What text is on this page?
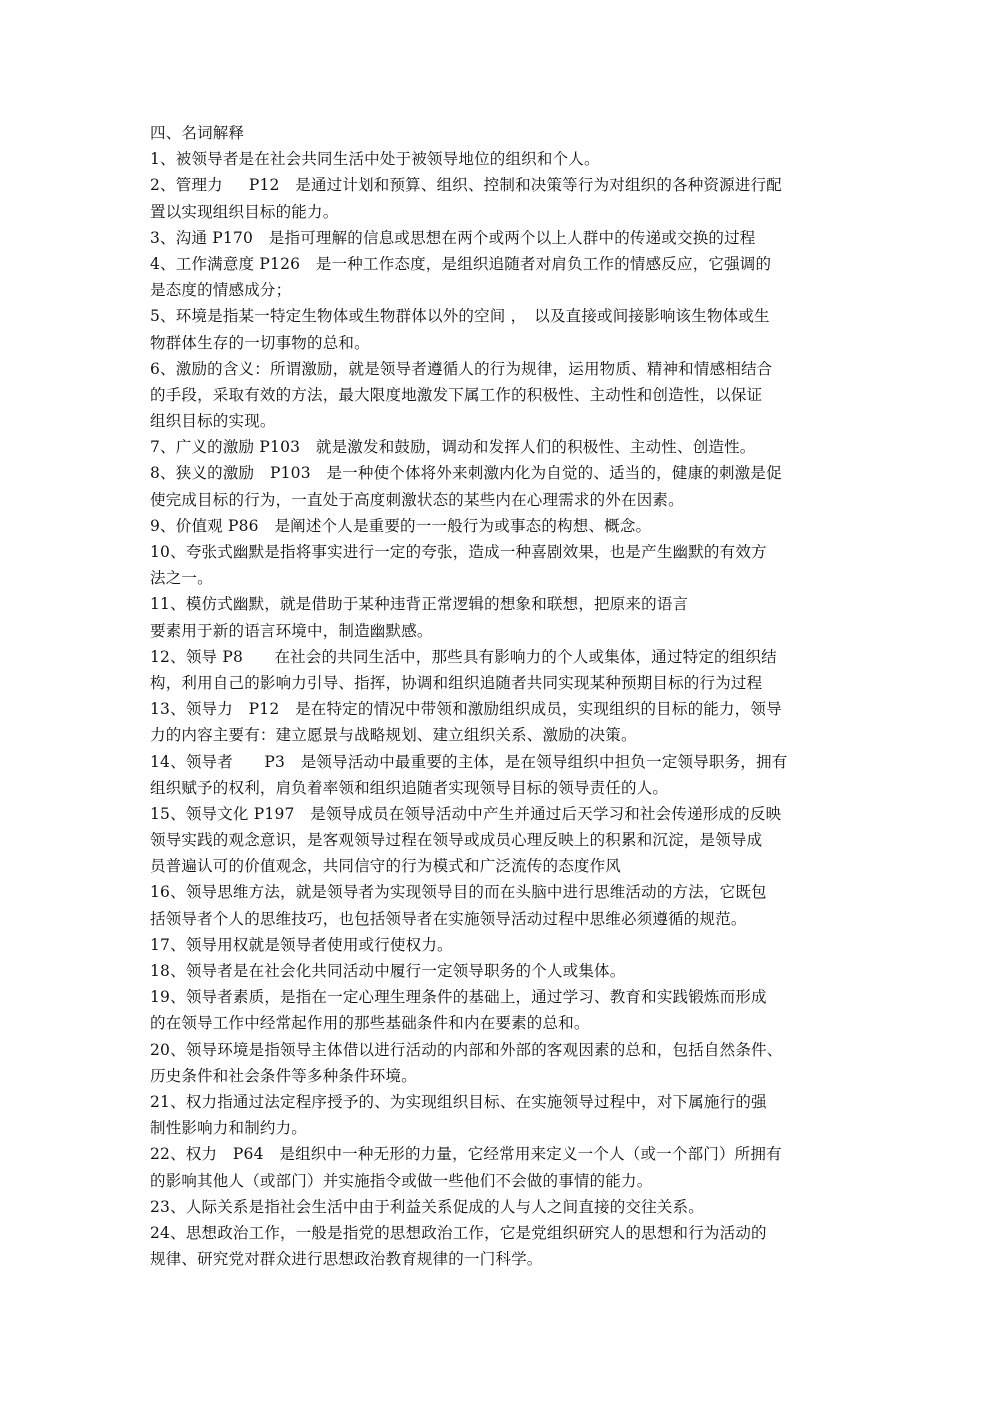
四、名词解释
1、被领导者是在社会共同生活中处于被领导地位的组织和个人。
2、管理力　  P12　是通过计划和预算、组织、控制和决策等行为对组织的各种资源进行配
置以实现组织目标的能力。
3、沟通 P170　是指可理解的信息或思想在两个或两个以上人群中的传递或交换的过程
4、工作满意度 P126　是一种工作态度，是组织追随者对肩负工作的情感反应，它强调的
是态度的情感成分；
5、环境是指某一特定生物体或生物群体以外的空间 ，　以及直接或间接影响该生物体或生
物群体生存的一切事物的总和。
6、激励的含义：所谓激励，就是领导者遵循人的行为规律，运用物质、精神和情感相结合
的手段，采取有效的方法，最大限度地激发下属工作的积极性、主动性和创造性，以保证
组织目标的实现。
7、广义的激励 P103　就是激发和鼓励，调动和发挥人们的积极性、主动性、创造性。
8、狭义的激励　P103　是一种使个体将外来刺激内化为自觉的、适当的，健康的刺激是促
使完成目标的行为，一直处于高度刺激状态的某些内在心理需求的外在因素。
9、价值观 P86　是阐述个人是重要的一一般行为或事态的构想、概念。
10、夸张式幽默是指将事实进行一定的夸张，造成一种喜剧效果，也是产生幽默的有效方
法之一。
11、模仿式幽默，就是借助于某种违背正常逻辑的想象和联想，把原来的语言
要素用于新的语言环境中，制造幽默感。
12、领导 P8　　在社会的共同生活中，那些具有影响力的个人或集体，通过特定的组织结
构，利用自己的影响力引导、指挥，协调和组织追随者共同实现某种预期目标的行为过程
13、领导力　P12　是在特定的情况中带领和激励组织成员，实现组织的目标的能力，领导
力的内容主要有：建立愿景与战略规划、建立组织关系、激励的决策。
14、领导者　　P3　是领导活动中最重要的主体，是在领导组织中担负一定领导职务，拥有
组织赋予的权利，肩负着率领和组织追随者实现领导目标的领导责任的人。
15、领导文化 P197　是领导成员在领导活动中产生并通过后天学习和社会传递形成的反映
领导实践的观念意识，是客观领导过程在领导或成员心理反映上的积累和沉淀，是领导成
员普遍认可的价值观念，共同信守的行为模式和广泛流传的态度作风
16、领导思维方法，就是领导者为实现领导目的而在头脑中进行思维活动的方法，它既包
括领导者个人的思维技巧，也包括领导者在实施领导活动过程中思维必须遵循的规范。
17、领导用权就是领导者使用或行使权力。
18、领导者是在社会化共同活动中履行一定领导职务的个人或集体。
19、领导者素质，是指在一定心理生理条件的基础上，通过学习、教育和实践锻炼而形成
的在领导工作中经常起作用的那些基础条件和内在要素的总和。
20、领导环境是指领导主体借以进行活动的内部和外部的客观因素的总和，包括自然条件、
历史条件和社会条件等多种条件环境。
21、权力指通过法定程序授予的、为实现组织目标、在实施领导过程中，对下属施行的强
制性影响力和制约力。
22、权力　P64　是组织中一种无形的力量，它经常用来定义一个人（或一个部门）所拥有
的影响其他人（或部门）并实施指令或做一些他们不会做的事情的能力。
23、人际关系是指社会生活中由于利益关系促成的人与人之间直接的交往关系。
24、思想政治工作，一般是指党的思想政治工作，它是党组织研究人的思想和行为活动的
规律、研究党对群众进行思想政治教育规律的一门科学。
